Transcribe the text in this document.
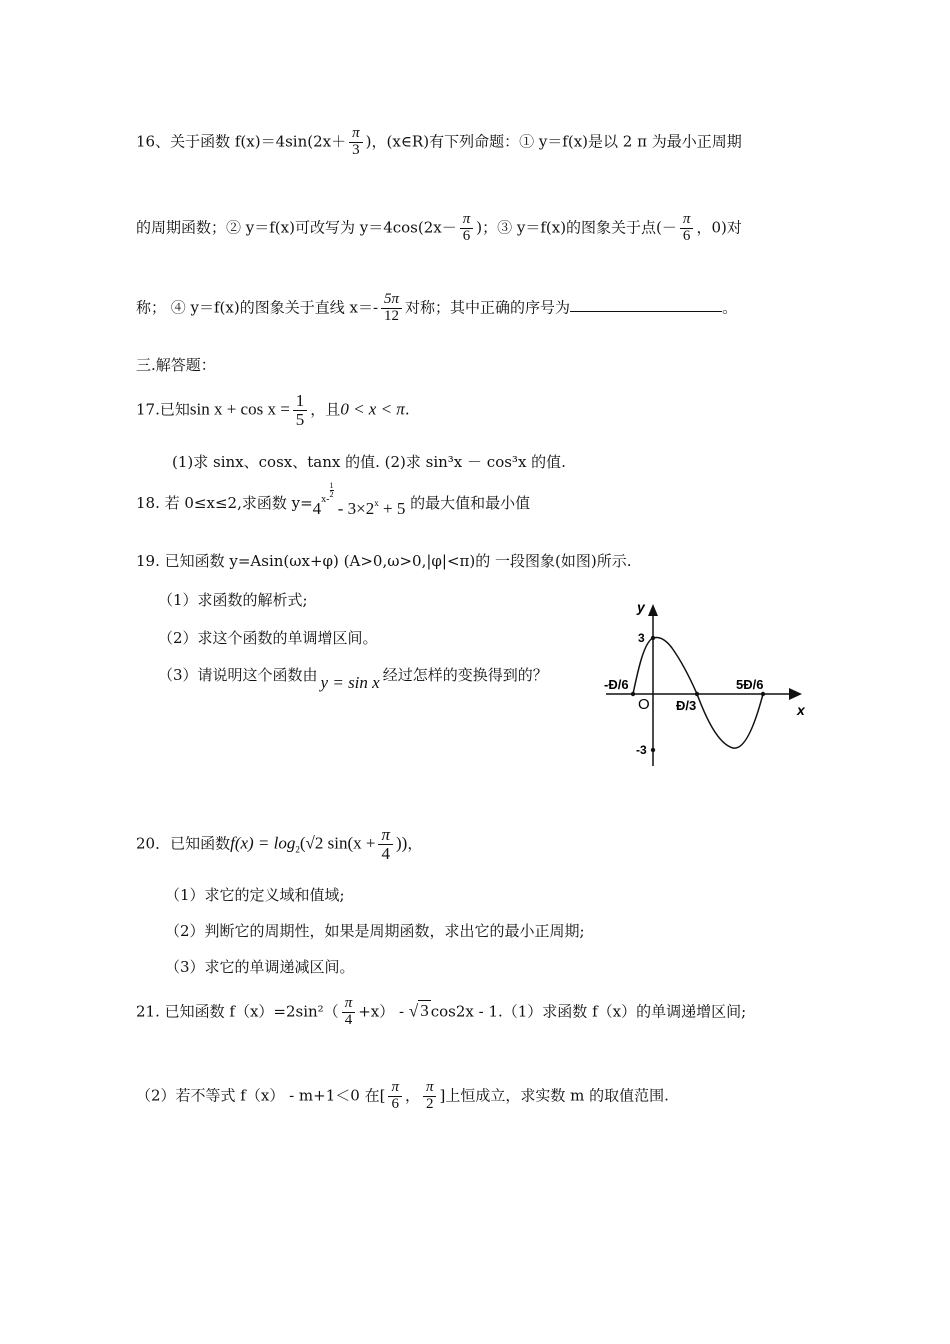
16、关于函数 $f(x)=4\sin(2x+ \frac{\pi}{3}$ )，(x∈R)有下列命题：① y＝f(x)是以 2 π 为最小正周期
的周期函数；② y＝f(x)可改写为 $y=4\cos(2x- \frac{\pi}{6}$ )；③ y＝f(x)的图象关于点(－ $\frac{\pi}{6}$ ，0)对
称； ④ y＝f(x)的图象关于直线 $x=- \frac{5\pi}{12}$ 对称；其中正确的序号为	。
三.解答题：
17.已知$\sin x + \cos x = \frac{1}{5}$ ，且0 < x < π.
(1)求 sinx、cosx、tanx 的值. (2)求 sin³x － cos³x 的值.
18. 若 0≤x≤2,求函数 $y=4^{x-}$
$\frac{1}{2}$
- $3\times 2^x + 5$ 的最大值和最小值
19. 已知函数 y=Asin(ωx+φ) (A>0,ω>0,|φ|<π)的 一段图象(如图)所示.
（1）求函数的解析式;
（2）求这个函数的单调增区间。
（3）请说明这个函数由 y = sin x 经过怎样的变换得到的？
y
x
O
3
-3
-Đ/6
Đ/3
5Đ/6
20．已知函数$f(x) = \log_2(√2$ $\sin(x + \frac{\pi}{4}$ ))，
（1）求它的定义域和值域;
（2）判断它的周期性，如果是周期函数，求出它的最小正周期;
（3）求它的单调递减区间。
21. 已知函数 $f(x)=2\sin^2( \frac{\pi}{4} +x)$ - √ 3 cos2x - 1.（1）求函数 f（x）的单调递增区间;
（2）若不等式 f（x） - m+1＜0 在[ $\frac{\pi}{6}$ ， $\frac{\pi}{2}$ ]上恒成立，求实数 m 的取值范围.
